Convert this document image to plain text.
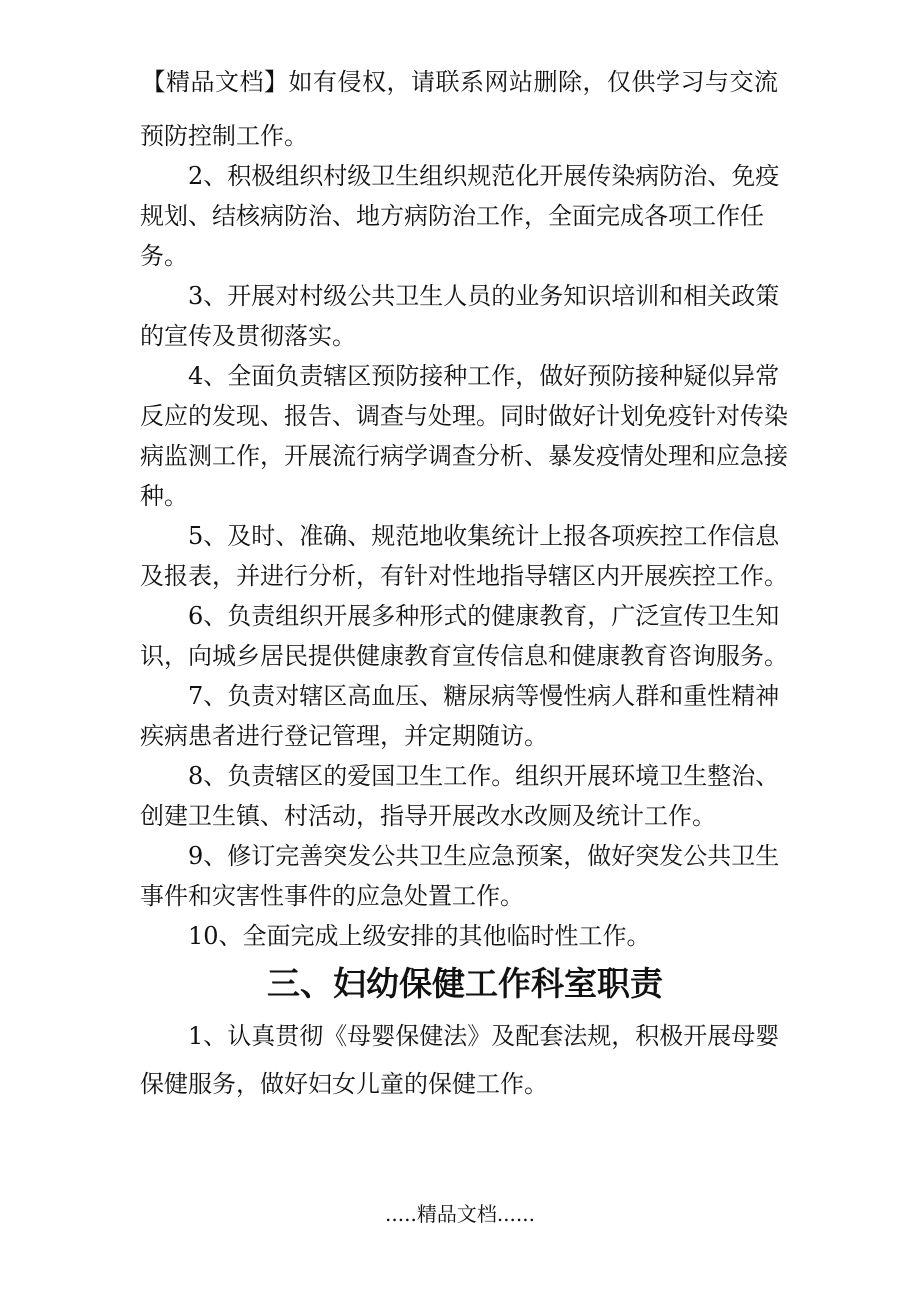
【精品文档】如有侵权，请联系网站删除，仅供学习与交流

预防控制工作。

2、积极组织村级卫生组织规范化开展传染病防治、免疫规划、结核病防治、地方病防治工作，全面完成各项工作任务。

3、开展对村级公共卫生人员的业务知识培训和相关政策的宣传及贯彻落实。

4、全面负责辖区预防接种工作，做好预防接种疑似异常反应的发现、报告、调查与处理。同时做好计划免疫针对传染病监测工作，开展流行病学调查分析、暴发疫情处理和应急接种。

5、及时、准确、规范地收集统计上报各项疾控工作信息及报表，并进行分析，有针对性地指导辖区内开展疾控工作。

6、负责组织开展多种形式的健康教育，广泛宣传卫生知识，向城乡居民提供健康教育宣传信息和健康教育咨询服务。

7、负责对辖区高血压、糖尿病等慢性病人群和重性精神疾病患者进行登记管理，并定期随访。

8、负责辖区的爱国卫生工作。组织开展环境卫生整治、创建卫生镇、村活动，指导开展改水改厕及统计工作。

9、修订完善突发公共卫生应急预案，做好突发公共卫生事件和灾害性事件的应急处置工作。

10、全面完成上级安排的其他临时性工作。

三、妇幼保健工作科室职责

1、认真贯彻《母婴保健法》及配套法规，积极开展母婴保健服务，做好妇女儿童的保健工作。

.....精品文档......
